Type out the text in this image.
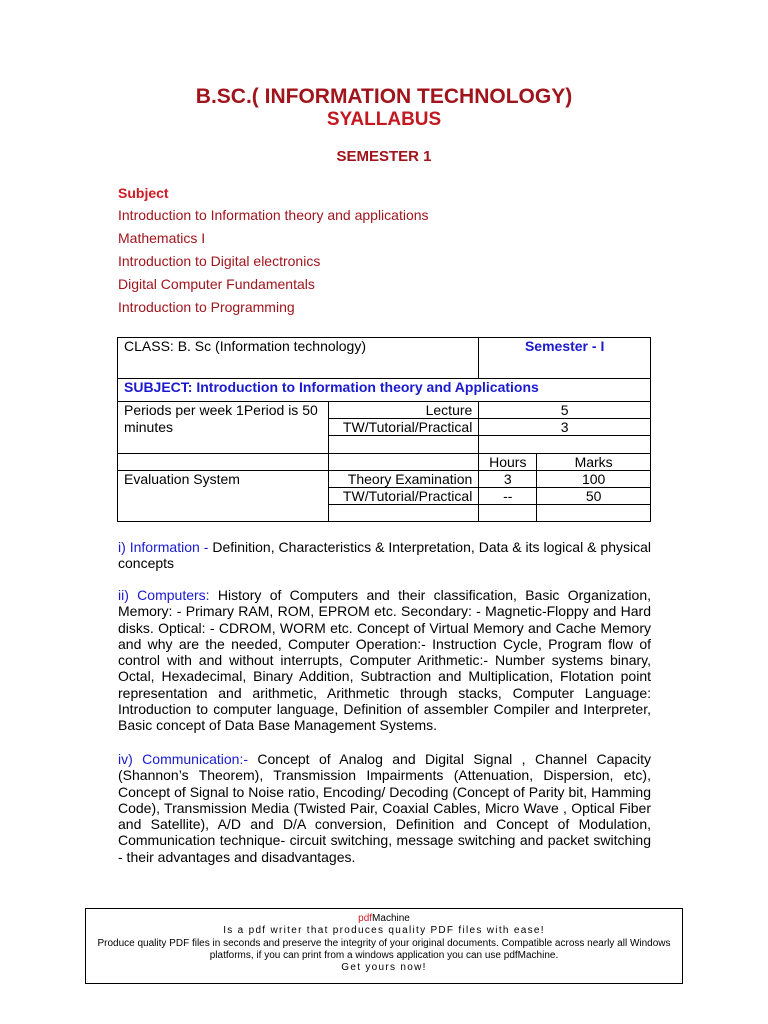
B.SC.( INFORMATION TECHNOLOGY)
SYALLABUS
SEMESTER 1
Subject
Introduction to Information theory and applications
Mathematics I
Introduction to Digital electronics
Digital Computer Fundamentals
Introduction to Programming
CLASS: B. Sc (Information technology)		Semester - I	
SUBJECT: Introduction to Information theory and Applications			
Periods per week 1Period is 50 minutes	Lecture	5	
	TW/Tutorial/Practical	3	

		Hours	Marks
Evaluation System	Theory Examination	3	100
	TW/Tutorial/Practical	--	50

i) Information - Definition, Characteristics & Interpretation, Data & its logical & physical concepts
ii) Computers: History of Computers and their classification, Basic Organization, Memory: - Primary RAM, ROM, EPROM etc. Secondary: - Magnetic-Floppy and Hard disks. Optical: - CDROM, WORM etc. Concept of Virtual Memory and Cache Memory and why are the needed, Computer Operation:- Instruction Cycle, Program flow of control with and without interrupts, Computer Arithmetic:- Number systems binary, Octal, Hexadecimal, Binary Addition, Subtraction and Multiplication, Flotation point representation and arithmetic, Arithmetic through stacks, Computer Language: Introduction to computer language, Definition of assembler Compiler and Interpreter, Basic concept of Data Base Management Systems.
iv) Communication:- Concept of Analog and Digital Signal , Channel Capacity (Shannon’s Theorem), Transmission Impairments (Attenuation, Dispersion, etc), Concept of Signal to Noise ratio, Encoding/ Decoding (Concept of Parity bit, Hamming Code), Transmission Media (Twisted Pair, Coaxial Cables, Micro Wave , Optical Fiber and Satellite), A/D and D/A conversion, Definition and Concept of Modulation, Communication technique- circuit switching, message switching and packet switching - their advantages and disadvantages.
pdfMachine
Is a pdf writer that produces quality PDF files with ease!
Produce quality PDF files in seconds and preserve the integrity of your original documents. Compatible across nearly all Windows platforms, if you can print from a windows application you can use pdfMachine.
Get yours now!
